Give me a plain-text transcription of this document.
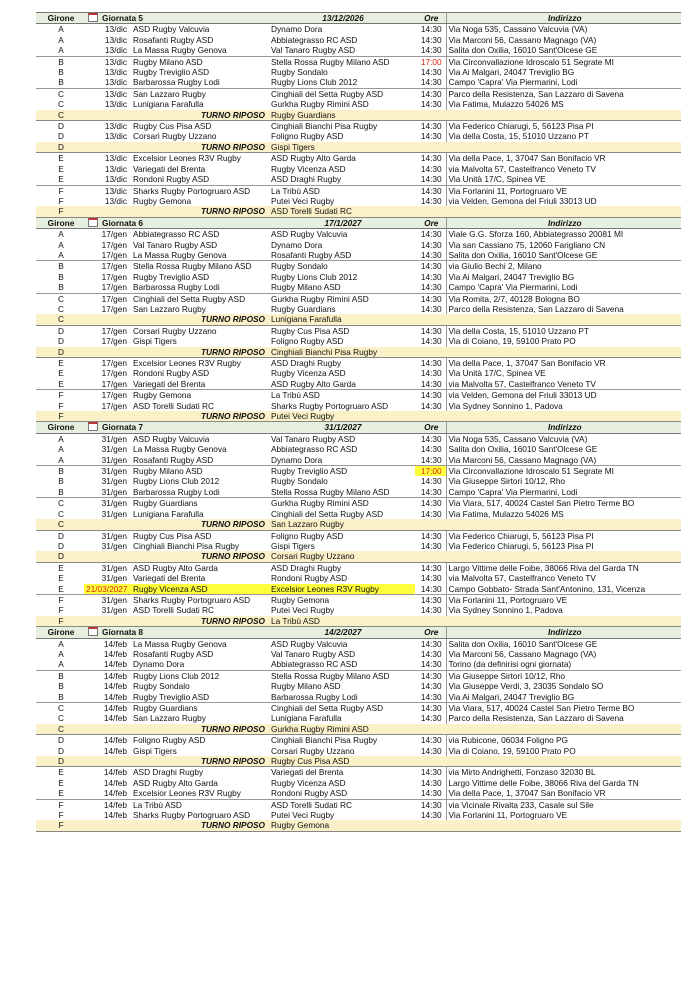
Girone	Giornata 5		13/12/2026	Ore	Indirizzo
A	13/dic	ASD Rugby Valcuvia	Dynamo Dora	14:30	Via Noga 535, Cassano Valcuvia (VA)
A	13/dic	Rosafanti Rugby ASD	Abbiategrasso RC ASD	14:30	Via Marconi 56, Cassano Magnago (VA)
A	13/dic	La Massa Rugby Genova	Val Tanaro Rugby ASD	14:30	Salita don Oxilia, 16010 Sant'Olcese GE
B	13/dic	Rugby Milano ASD	Stella Rossa Rugby Milano ASD	17:00	Via Circonvallazione Idroscalo 51 Segrate MI
B	13/dic	Rugby Treviglio ASD	Rugby Sondalo	14:30	Via Ai Malgari, 24047 Treviglio BG
B	13/dic	Barbarossa Rugby Lodi	Rugby Lions Club 2012	14:30	Campo 'Capra' Via Piermarini, Lodi
C	13/dic	San Lazzaro Rugby	Cinghiali del Setta Rugby ASD	14:30	Parco della Resistenza, San Lazzaro di Savena
C	13/dic	Lunigiana Farafulla	Gurkha Rugby Rimini ASD	14:30	Via Fatima, Mulazzo 54026 MS
C	TURNO RIPOSO		Rugby Guardians		
D	13/dic	Rugby Cus Pisa ASD	Cinghiali Bianchi Pisa Rugby	14:30	Via Federico Chiarugi, 5, 56123 Pisa PI
D	13/dic	Corsari Rugby Uzzano	Foligno Rugby ASD	14:30	Via della Costa, 15, 51010 Uzzano PT
D	TURNO RIPOSO		Gispi Tigers		
E	13/dic	Excelsior Leones R3V Rugby	ASD Rugby Alto Garda	14:30	Via della Pace, 1, 37047 San Bonifacio VR
E	13/dic	Variegati del Brenta	Rugby Vicenza ASD	14:30	via Malvolta 57, Castelfranco Veneto TV
E	13/dic	Rondoni Rugby ASD	ASD Draghi Rugby	14:30	Via Unità 17/C, Spinea VE
F	13/dic	Sharks Rugby Portogruaro ASD	La Tribù ASD	14:30	Via Forlanini 11, Portogruaro VE
F	13/dic	Rugby Gemona	Putei Veci Rugby	14:30	via Velden, Gemona del Friuli 33013 UD
F	TURNO RIPOSO		ASD Torelli Sudati RC		
Girone	Giornata 6		17/1/2027	Ore	Indirizzo
A	17/gen	Abbiategrasso RC ASD	ASD Rugby Valcuvia	14:30	Viale G.G. Sforza 160, Abbiategrasso 20081 MI
A	17/gen	Val Tanaro Rugby ASD	Dynamo Dora	14:30	Via san Cassiano 75, 12060 Farigliano CN
A	17/gen	La Massa Rugby Genova	Rosafanti Rugby ASD	14:30	Salita don Oxilia, 16010 Sant'Olcese GE
B	17/gen	Stella Rossa Rugby Milano ASD	Rugby Sondalo	14:30	via Giulio Bechi 2, Milano
B	17/gen	Rugby Treviglio ASD	Rugby Lions Club 2012	14:30	Via Ai Malgari, 24047 Treviglio BG
B	17/gen	Barbarossa Rugby Lodi	Rugby Milano ASD	14:30	Campo 'Capra' Via Piermarini, Lodi
C	17/gen	Cinghiali del Setta Rugby ASD	Gurkha Rugby Rimini ASD	14:30	Via Romita, 2/7, 40128 Bologna BO
C	17/gen	San Lazzaro Rugby	Rugby Guardians	14:30	Parco della Resistenza, San Lazzaro di Savena
C	TURNO RIPOSO		Lunigiana Farafulla		
D	17/gen	Corsari Rugby Uzzano	Rugby Cus Pisa ASD	14:30	Via della Costa, 15, 51010 Uzzano PT
D	17/gen	Gispi Tigers	Foligno Rugby ASD	14:30	Via di Coiano, 19, 59100 Prato PO
D	TURNO RIPOSO		Cinghiali Bianchi Pisa Rugby		
E	17/gen	Excelsior Leones R3V Rugby	ASD Draghi Rugby	14:30	Via della Pace, 1, 37047 San Bonifacio VR
E	17/gen	Rondoni Rugby ASD	Rugby Vicenza ASD	14:30	Via Unità 17/C, Spinea VE
E	17/gen	Variegati del Brenta	ASD Rugby Alto Garda	14:30	via Malvolta 57, Castelfranco Veneto TV
F	17/gen	Rugby Gemona	La Tribù ASD	14:30	via Velden, Gemona del Friuli 33013 UD
F	17/gen	ASD Torelli Sudati RC	Sharks Rugby Portogruaro ASD	14:30	Via Sydney Sonnino 1, Padova
F	TURNO RIPOSO		Putei Veci Rugby		
Girone	Giornata 7		31/1/2027	Ore	Indirizzo
A	31/gen	ASD Rugby Valcuvia	Val Tanaro Rugby ASD	14:30	Via Noga 535, Cassano Valcuvia (VA)
A	31/gen	La Massa Rugby Genova	Abbiategrasso RC ASD	14:30	Salita don Oxilia, 16010 Sant'Olcese GE
A	31/gen	Rosafanti Rugby ASD	Dynamo Dora	14:30	Via Marconi 56, Cassano Magnago (VA)
B	31/gen	Rugby Milano ASD	Rugby Treviglio ASD	17:00	Via Circonvallazione Idroscalo 51 Segrate MI
B	31/gen	Rugby Lions Club 2012	Rugby Sondalo	14:30	Via Giuseppe Sirtori 10/12, Rho
B	31/gen	Barbarossa Rugby Lodi	Stella Rossa Rugby Milano ASD	14:30	Campo 'Capra' Via Piermarini, Lodi
C	31/gen	Rugby Guardians	Gurkha Rugby Rimini ASD	14:30	Via Viara, 517, 40024 Castel San Pietro Terme BO
C	31/gen	Lunigiana Farafulla	Cinghiali del Setta Rugby ASD	14:30	Via Fatima, Mulazzo 54026 MS
C	TURNO RIPOSO		San Lazzaro Rugby		
D	31/gen	Rugby Cus Pisa ASD	Foligno Rugby ASD	14:30	Via Federico Chiarugi, 5, 56123 Pisa PI
D	31/gen	Cinghiali Bianchi Pisa Rugby	Gispi Tigers	14:30	Via Federico Chiarugi, 5, 56123 Pisa PI
D	TURNO RIPOSO		Corsari Rugby Uzzano		
E	31/gen	ASD Rugby Alto Garda	ASD Draghi Rugby	14:30	Largo Vittime delle Foibe, 38066 Riva del Garda TN
E	31/gen	Variegati del Brenta	Rondoni Rugby ASD	14:30	via Malvolta 57, Castelfranco Veneto TV
E	21/03/2027	Rugby Vicenza ASD	Excelsior Leones R3V Rugby	14:30	Campo Gobbato- Strada Sant'Antonino, 131, Vicenza
F	31/gen	Sharks Rugby Portogruaro ASD	Rugby Gemona	14:30	Via Forlanini 11, Portogruaro VE
F	31/gen	ASD Torelli Sudati RC	Putei Veci Rugby	14:30	Via Sydney Sonnino 1, Padova
F	TURNO RIPOSO		La Tribù ASD		
Girone	Giornata 8		14/2/2027	Ore	Indirizzo
A	14/feb	La Massa Rugby Genova	ASD Rugby Valcuvia	14:30	Salita don Oxilia, 16010 Sant'Olcese GE
A	14/feb	Rosafanti Rugby ASD	Val Tanaro Rugby ASD	14:30	Via Marconi 56, Cassano Magnago (VA)
A	14/feb	Dynamo Dora	Abbiategrasso RC ASD	14:30	Torino (da definirisi ogni giornata)
B	14/feb	Rugby Lions Club 2012	Stella Rossa Rugby Milano ASD	14:30	Via Giuseppe Sirtori 10/12, Rho
B	14/feb	Rugby Sondalo	Rugby Milano ASD	14:30	Via Giuseppe Verdi, 3, 23035 Sondalo SO
B	14/feb	Rugby Treviglio ASD	Barbarossa Rugby Lodi	14:30	Via Ai Malgari, 24047 Treviglio BG
C	14/feb	Rugby Guardians	Cinghiali del Setta Rugby ASD	14:30	Via Viara, 517, 40024 Castel San Pietro Terme BO
C	14/feb	San Lazzaro Rugby	Lunigiana Farafulla	14:30	Parco della Resistenza, San Lazzaro di Savena
C	TURNO RIPOSO		Gurkha Rugby Rimini ASD		
D	14/feb	Foligno Rugby ASD	Cinghiali Bianchi Pisa Rugby	14:30	via Rubicone, 06034 Foligno PG
D	14/feb	Gispi Tigers	Corsari Rugby Uzzano	14:30	Via di Coiano, 19, 59100 Prato PO
D	TURNO RIPOSO		Rugby Cus Pisa ASD		
E	14/feb	ASD Draghi Rugby	Variegati del Brenta	14:30	via Mirto Andrighetti, Fonzaso 32030 BL
E	14/feb	ASD Rugby Alto Garda	Rugby Vicenza ASD	14:30	Largo Vittime delle Foibe, 38066 Riva del Garda TN
E	14/feb	Excelsior Leones R3V Rugby	Rondoni Rugby ASD	14:30	Via della Pace, 1, 37047 San Bonifacio VR
F	14/feb	La Tribù ASD	ASD Torelli Sudati RC	14:30	via Vicinale Rivalta 233, Casale sul Sile
F	14/feb	Sharks Rugby Portogruaro ASD	Putei Veci Rugby	14:30	Via Forlanini 11, Portogruaro VE
F	TURNO RIPOSO		Rugby Gemona		
